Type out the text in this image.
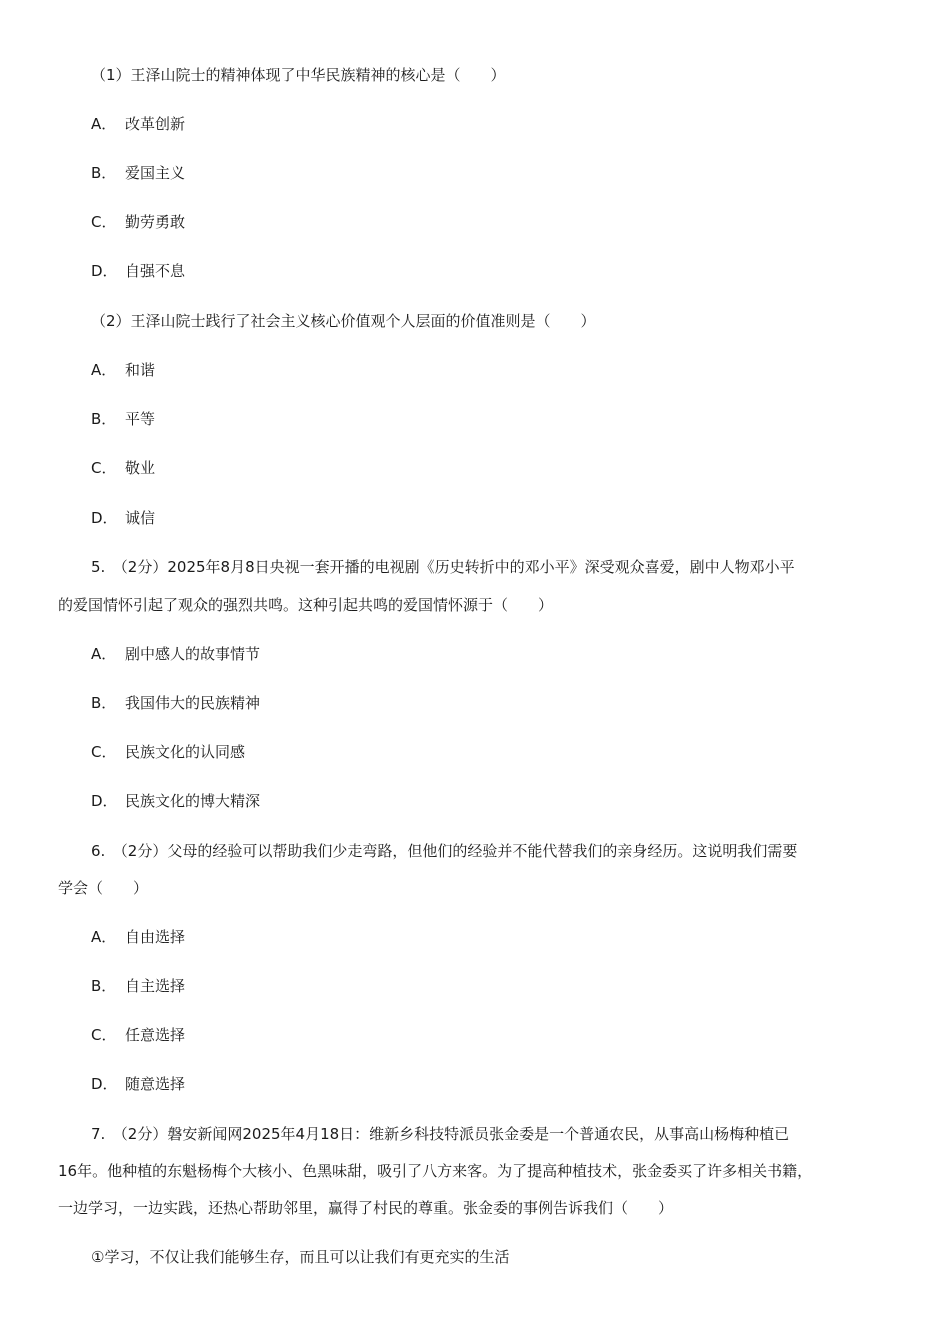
（1）王泽山院士的精神体现了中华民族精神的核心是（　　）
A． 改革创新
B． 爱国主义
C． 勤劳勇敢
D． 自强不息
（2）王泽山院士践行了社会主义核心价值观个人层面的价值准则是（　　）
A． 和谐
B． 平等
C． 敬业
D． 诚信
5.　（2分）2025年8月8日央视一套开播的电视剧《历史转折中的邓小平》深受观众喜爱，剧中人物邓小平
的爱国情怀引起了观众的强烈共鸣。这种引起共鸣的爱国情怀源于（　　）
A． 剧中感人的故事情节
B． 我国伟大的民族精神
C． 民族文化的认同感
D． 民族文化的博大精深
6.　（2分）父母的经验可以帮助我们少走弯路，但他们的经验并不能代替我们的亲身经历。这说明我们需要
学会（　　）
A． 自由选择
B． 自主选择
C． 任意选择
D． 随意选择
7.　（2分）磐安新闻网2025年4月18日：维新乡科技特派员张金委是一个普通农民，从事高山杨梅种植已
16年。他种植的东魁杨梅个大核小、色黑味甜，吸引了八方来客。为了提高种植技术，张金委买了许多相关书籍，
一边学习，一边实践，还热心帮助邻里，赢得了村民的尊重。张金委的事例告诉我们（　　）
①学习，不仅让我们能够生存，而且可以让我们有更充实的生活
